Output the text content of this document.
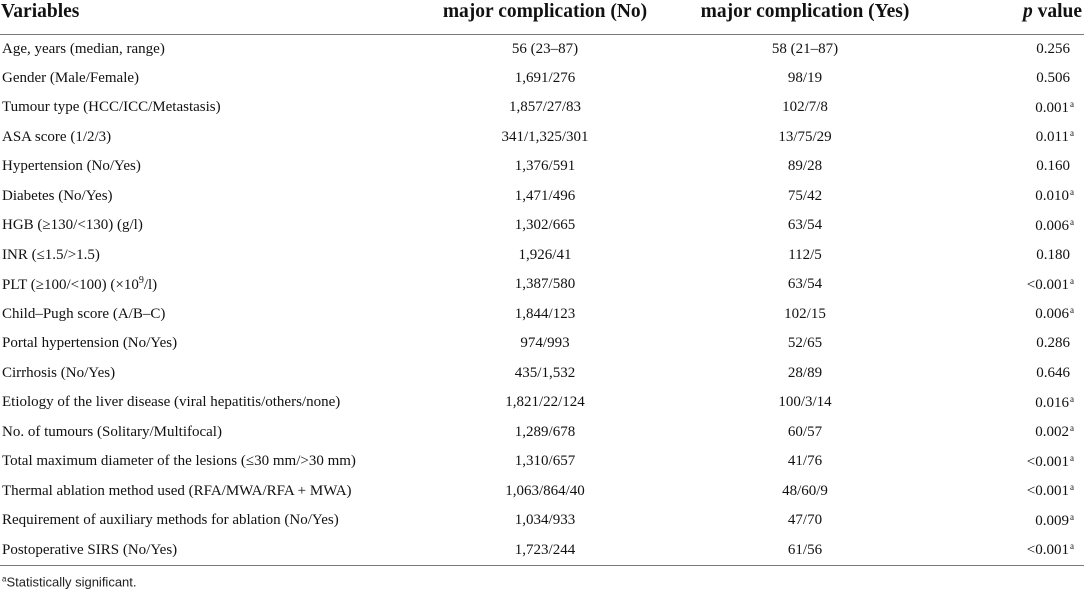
Variables	major complication (No)	major complication (Yes)	p value
Age, years (median, range)	56 (23–87)	58 (21–87)	0.256
Gender (Male/Female)	1,691/276	98/19	0.506
Tumour type (HCC/ICC/Metastasis)	1,857/27/83	102/7/8	0.001$^a$
ASA score (1/2/3)	341/1,325/301	13/75/29	0.011$^a$
Hypertension (No/Yes)	1,376/591	89/28	0.160
Diabetes (No/Yes)	1,471/496	75/42	0.010$^a$
HGB (≥130/<130) (g/l)	1,302/665	63/54	0.006$^a$
INR (≤1.5/>1.5)	1,926/41	112/5	0.180
PLT (≥100/<100) $(\times 10^9/l)$	1,387/580	63/54	<0.001$^a$
Child–Pugh score (A/B–C)	1,844/123	102/15	0.006$^a$
Portal hypertension (No/Yes)	974/993	52/65	0.286
Cirrhosis (No/Yes)	435/1,532	28/89	0.646
Etiology of the liver disease (viral hepatitis/others/none)	1,821/22/124	100/3/14	0.016$^a$
No. of tumours (Solitary/Multifocal)	1,289/678	60/57	0.002$^a$
Total maximum diameter of the lesions (≤30 mm/>30 mm)	1,310/657	41/76	<0.001$^a$
Thermal ablation method used (RFA/MWA/RFA + MWA)	1,063/864/40	48/60/9	<0.001$^a$
Requirement of auxiliary methods for ablation (No/Yes)	1,034/933	47/70	0.009$^a$
Postoperative SIRS (No/Yes)	1,723/244	61/56	<0.001$^a$

$^a$Statistically significant.
